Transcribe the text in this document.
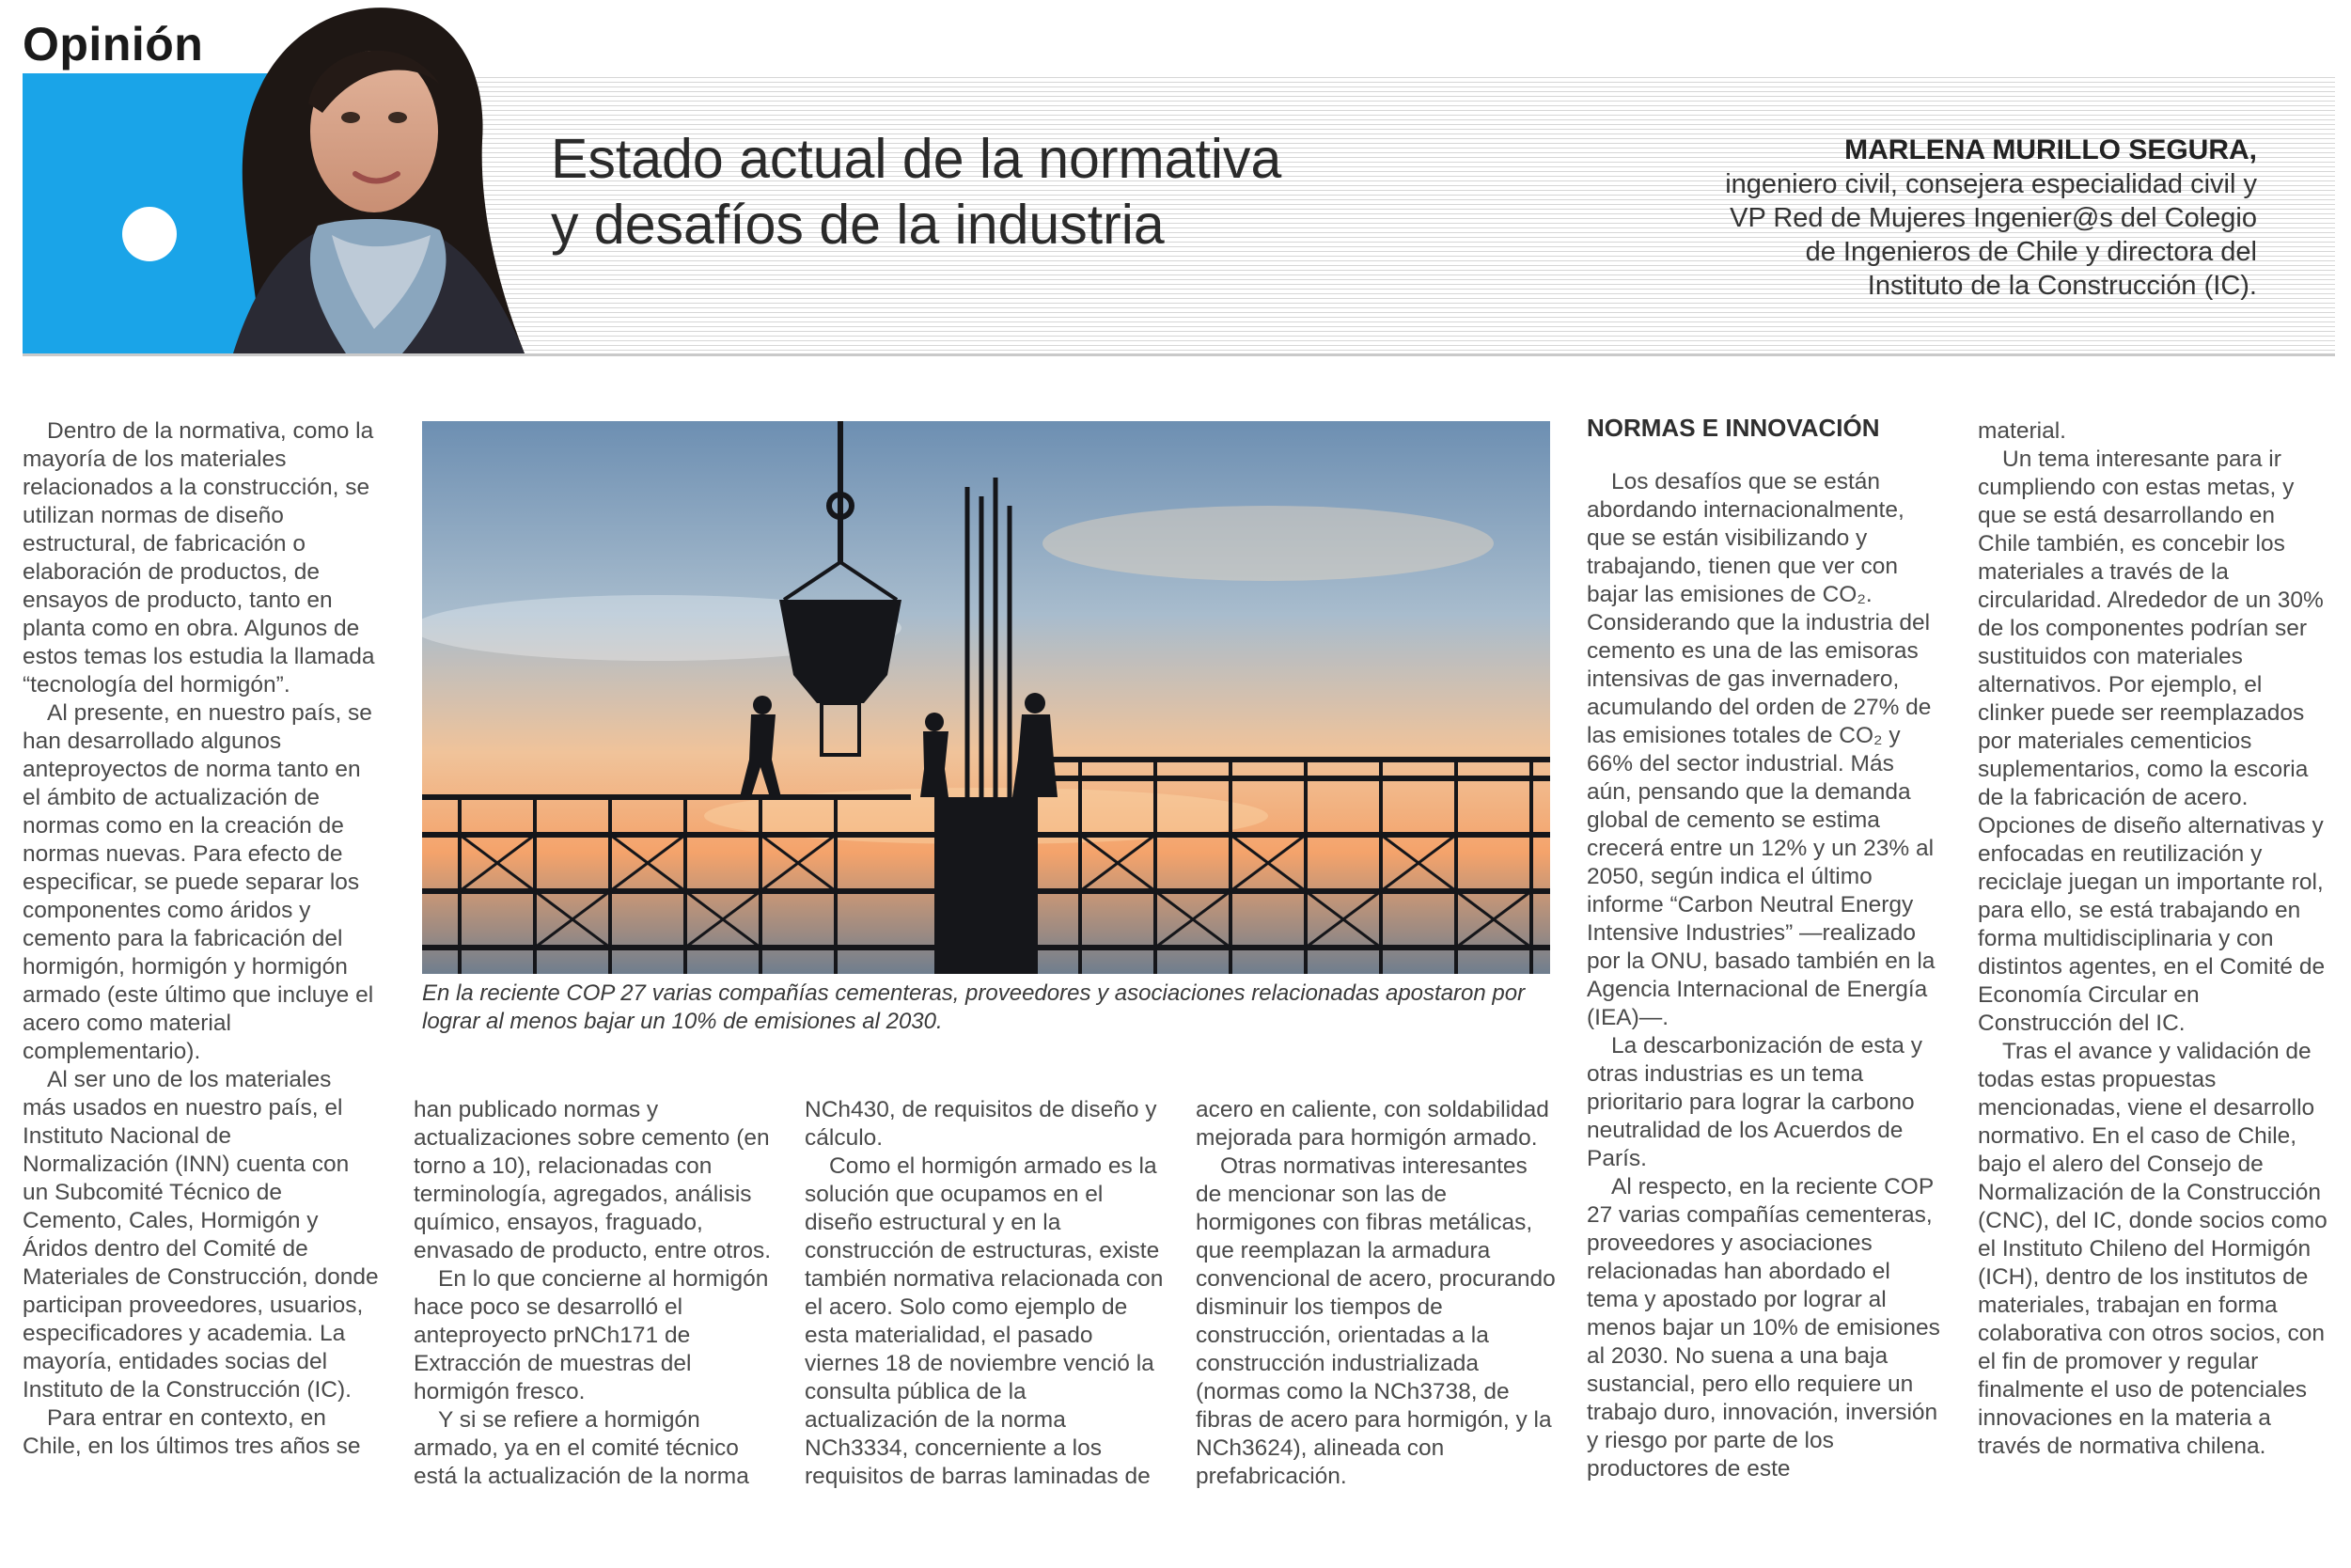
Opinión
Estado actual de la normativa
y desafíos de la industria
MARLENA MURILLO SEGURA,
ingeniero civil, consejera especialidad civil y
VP Red de Mujeres Ingenier@s del Colegio
de Ingenieros de Chile y directora del
Instituto de la Construcción (IC).
En la reciente COP 27 varias compañías cementeras, proveedores y asociaciones relacionadas apostaron por lograr al menos bajar un 10% de emisiones al 2030.

Dentro de la normativa, como la mayoría de los materiales relacionados a la construcción, se utilizan normas de diseño estructural, de fabricación o elaboración de productos, de ensayos de producto, tanto en planta como en obra. Algunos de estos temas los estudia la llamada “tecnología del hormigón”.

Al presente, en nuestro país, se han desarrollado algunos anteproyectos de norma tanto en el ámbito de actualización de normas como en la creación de normas nuevas. Para efecto de especificar, se puede separar los componentes como áridos y cemento para la fabricación del hormigón, hormigón y hormigón armado (este último que incluye el acero como material complementario).

Al ser uno de los materiales más usados en nuestro país, el Instituto Nacional de Normalización (INN) cuenta con un Subcomité Técnico de Cemento, Cales, Hormigón y Áridos dentro del Comité de Materiales de Construcción, donde participan proveedores, usuarios, especificadores y academia. La mayoría, entidades socias del Instituto de la Construcción (IC).

Para entrar en contexto, en Chile, en los últimos tres años se

han publicado normas y actualizaciones sobre cemento (en torno a 10), relacionadas con terminología, agregados, análisis químico, ensayos, fraguado, envasado de producto, entre otros.

En lo que concierne al hormigón hace poco se desarrolló el anteproyecto prNCh171 de Extracción de muestras del hormigón fresco.

Y si se refiere a hormigón armado, ya en el comité técnico está la actualización de la norma

NCh430, de requisitos de diseño y cálculo.

Como el hormigón armado es la solución que ocupamos en el diseño estructural y en la construcción de estructuras, existe también normativa relacionada con el acero. Solo como ejemplo de esta materialidad, el pasado viernes 18 de noviembre venció la consulta pública de la actualización de la norma NCh3334, concerniente a los requisitos de barras laminadas de

acero en caliente, con soldabilidad mejorada para hormigón armado.

Otras normativas interesantes de mencionar son las de hormigones con fibras metálicas, que reemplazan la armadura convencional de acero, procurando disminuir los tiempos de construcción, orientadas a la construcción industrializada (normas como la NCh3738, de fibras de acero para hormigón, y la NCh3624), alineada con prefabricación.

NORMAS E INNOVACIÓN

Los desafíos que se están abordando internacionalmente, que se están visibilizando y trabajando, tienen que ver con bajar las emisiones de CO₂. Considerando que la industria del cemento es una de las emisoras intensivas de gas invernadero, acumulando del orden de 27% de las emisiones totales de CO₂ y 66% del sector industrial. Más aún, pensando que la demanda global de cemento se estima crecerá entre un 12% y un 23% al 2050, según indica el último informe “Carbon Neutral Energy Intensive Industries” —realizado por la ONU, basado también en la Agencia Internacional de Energía (IEA)—.

La descarbonización de esta y otras industrias es un tema prioritario para lograr la carbono neutralidad de los Acuerdos de París.

Al respecto, en la reciente COP 27 varias compañías cementeras, proveedores y asociaciones relacionadas han abordado el tema y apostado por lograr al menos bajar un 10% de emisiones al 2030. No suena a una baja sustancial, pero ello requiere un trabajo duro, innovación, inversión y riesgo por parte de los productores de este

material.

Un tema interesante para ir cumpliendo con estas metas, y que se está desarrollando en Chile también, es concebir los materiales a través de la circularidad. Alrededor de un 30% de los componentes podrían ser sustituidos con materiales alternativos. Por ejemplo, el clinker puede ser reemplazados por materiales cementicios suplementarios, como la escoria de la fabricación de acero. Opciones de diseño alternativas y enfocadas en reutilización y reciclaje juegan un importante rol, para ello, se está trabajando en forma multidisciplinaria y con distintos agentes, en el Comité de Economía Circular en Construcción del IC.

Tras el avance y validación de todas estas propuestas mencionadas, viene el desarrollo normativo. En el caso de Chile, bajo el alero del Consejo de Normalización de la Construcción (CNC), del IC, donde socios como el Instituto Chileno del Hormigón (ICH), dentro de los institutos de materiales, trabajan en forma colaborativa con otros socios, con el fin de promover y regular finalmente el uso de potenciales innovaciones en la materia a través de normativa chilena.
